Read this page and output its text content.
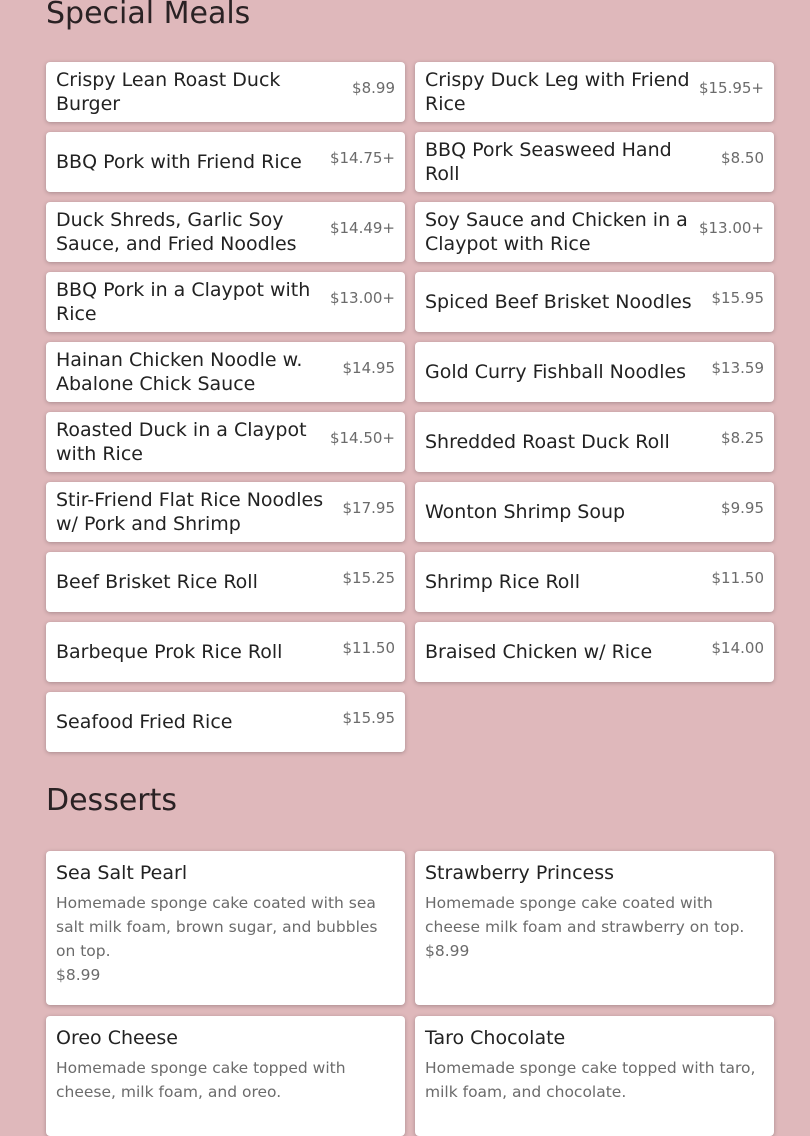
Special Meals
Crispy Lean Roast Duck Burger
$8.99 Crispy Duck Leg with Friend Rice
$15.95+
BBQ Pork with Friend Rice	$14.75+ BBQ Pork Seasweed Hand Roll
$8.50
Duck Shreds, Garlic Soy Sauce, and Fried Noodles
$14.49+ Soy Sauce and Chicken in a Claypot with Rice
$13.00+
BBQ Pork in a Claypot with Rice
$13.00+ Spiced Beef Brisket Noodles	$15.95
Hainan Chicken Noodle w. Abalone Chick Sauce
$14.95 Gold Curry Fishball Noodles	$13.59
Roasted Duck in a Claypot with Rice
$14.50+ Shredded Roast Duck Roll	$8.25
Stir-Friend Flat Rice Noodles w/ Pork and Shrimp
$17.95 Wonton Shrimp Soup	$9.95
Beef Brisket Rice Roll	$15.25 Shrimp Rice Roll	$11.50
Barbeque Prok Rice Roll	$11.50 Braised Chicken w/ Rice	$14.00
Seafood Fried Rice	$15.95
Desserts
Sea Salt Pearl
Homemade sponge cake coated with sea salt milk foam, brown sugar, and bubbles on top.
$8.99
Strawberry Princess
Homemade sponge cake coated with cheese milk foam and strawberry on top.
$8.99
Oreo Cheese
Homemade sponge cake topped with cheese, milk foam, and oreo.
Taro Chocolate
Homemade sponge cake topped with taro, milk foam, and chocolate.
